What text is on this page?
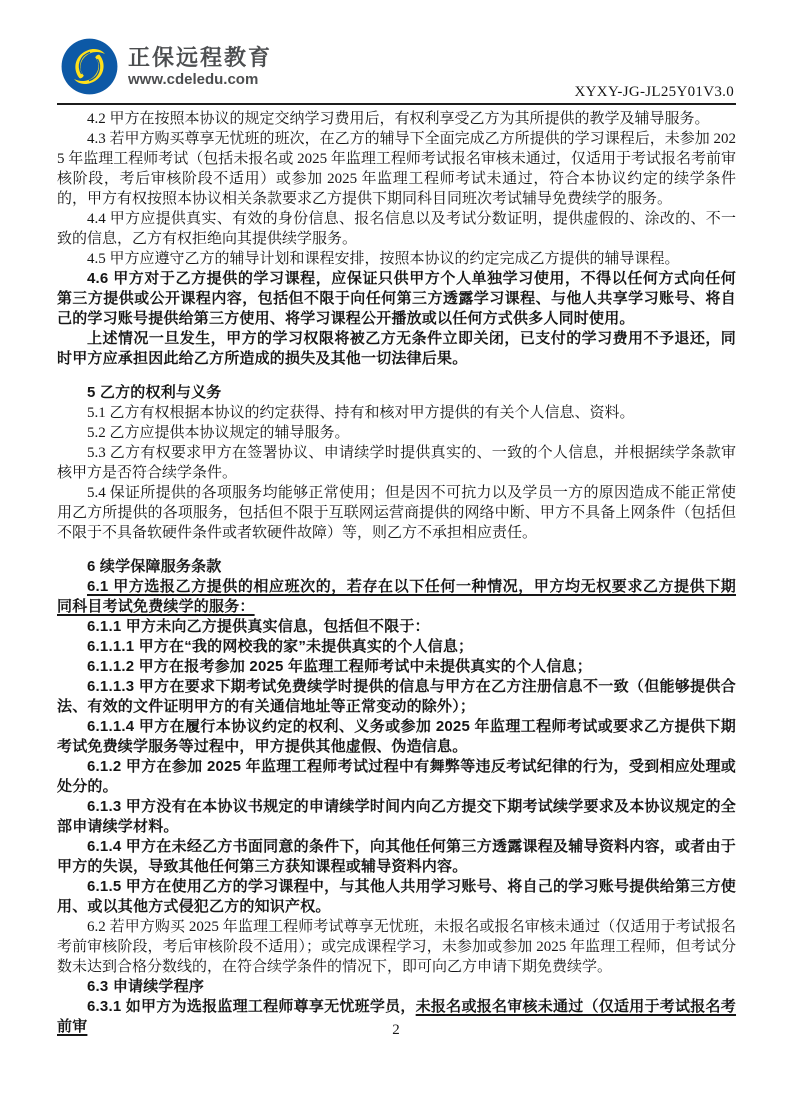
正保远程教育
www.cdeledu.com
XYXY-JG-JL25Y01V3.0

4.2 甲方在按照本协议的规定交纳学习费用后，有权利享受乙方为其所提供的教学及辅导服务。

4.3 若甲方购买尊享无忧班的班次，在乙方的辅导下全面完成乙方所提供的学习课程后，未参加 2025 年监理工程师考试（包括未报名或 2025 年监理工程师考试报名审核未通过，仅适用于考试报名考前审核阶段，考后审核阶段不适用）或参加 2025 年监理工程师考试未通过，符合本协议约定的续学条件的，甲方有权按照本协议相关条款要求乙方提供下期同科目同班次考试辅导免费续学的服务。

4.4 甲方应提供真实、有效的身份信息、报名信息以及考试分数证明，提供虚假的、涂改的、不一致的信息，乙方有权拒绝向其提供续学服务。

4.5 甲方应遵守乙方的辅导计划和课程安排，按照本协议的约定完成乙方提供的辅导课程。

4.6 甲方对于乙方提供的学习课程，应保证只供甲方个人单独学习使用，不得以任何方式向任何第三方提供或公开课程内容，包括但不限于向任何第三方透露学习课程、与他人共享学习账号、将自己的学习账号提供给第三方使用、将学习课程公开播放或以任何方式供多人同时使用。

上述情况一旦发生，甲方的学习权限将被乙方无条件立即关闭，已支付的学习费用不予退还，同时甲方应承担因此给乙方所造成的损失及其他一切法律后果。

5 乙方的权利与义务

5.1 乙方有权根据本协议的约定获得、持有和核对甲方提供的有关个人信息、资料。

5.2 乙方应提供本协议规定的辅导服务。

5.3 乙方有权要求甲方在签署协议、申请续学时提供真实的、一致的个人信息，并根据续学条款审核甲方是否符合续学条件。

5.4 保证所提供的各项服务均能够正常使用；但是因不可抗力以及学员一方的原因造成不能正常使用乙方所提供的各项服务，包括但不限于互联网运营商提供的网络中断、甲方不具备上网条件（包括但不限于不具备软硬件条件或者软硬件故障）等，则乙方不承担相应责任。

6 续学保障服务条款

6.1 甲方选报乙方提供的相应班次的，若存在以下任何一种情况，甲方均无权要求乙方提供下期同科目考试免费续学的服务：

6.1.1 甲方未向乙方提供真实信息，包括但不限于：

6.1.1.1 甲方在“我的网校我的家”未提供真实的个人信息；

6.1.1.2 甲方在报考参加 2025 年监理工程师考试中未提供真实的个人信息；

6.1.1.3 甲方在要求下期考试免费续学时提供的信息与甲方在乙方注册信息不一致（但能够提供合法、有效的文件证明甲方的有关通信地址等正常变动的除外）；

6.1.1.4 甲方在履行本协议约定的权利、义务或参加 2025 年监理工程师考试或要求乙方提供下期考试免费续学服务等过程中，甲方提供其他虚假、伪造信息。

6.1.2 甲方在参加 2025 年监理工程师考试过程中有舞弊等违反考试纪律的行为，受到相应处理或处分的。

6.1.3 甲方没有在本协议书规定的申请续学时间内向乙方提交下期考试续学要求及本协议规定的全部申请续学材料。

6.1.4 甲方在未经乙方书面同意的条件下，向其他任何第三方透露课程及辅导资料内容，或者由于甲方的失误，导致其他任何第三方获知课程或辅导资料内容。

6.1.5 甲方在使用乙方的学习课程中，与其他人共用学习账号、将自己的学习账号提供给第三方使用、或以其他方式侵犯乙方的知识产权。

6.2 若甲方购买 2025 年监理工程师考试尊享无忧班，未报名或报名审核未通过（仅适用于考试报名考前审核阶段，考后审核阶段不适用）；或完成课程学习，未参加或参加 2025 年监理工程师，但考试分数未达到合格分数线的，在符合续学条件的情况下，即可向乙方申请下期免费续学。

6.3 申请续学程序

6.3.1 如甲方为选报监理工程师尊享无忧班学员，未报名或报名审核未通过（仅适用于考试报名考前审	2
